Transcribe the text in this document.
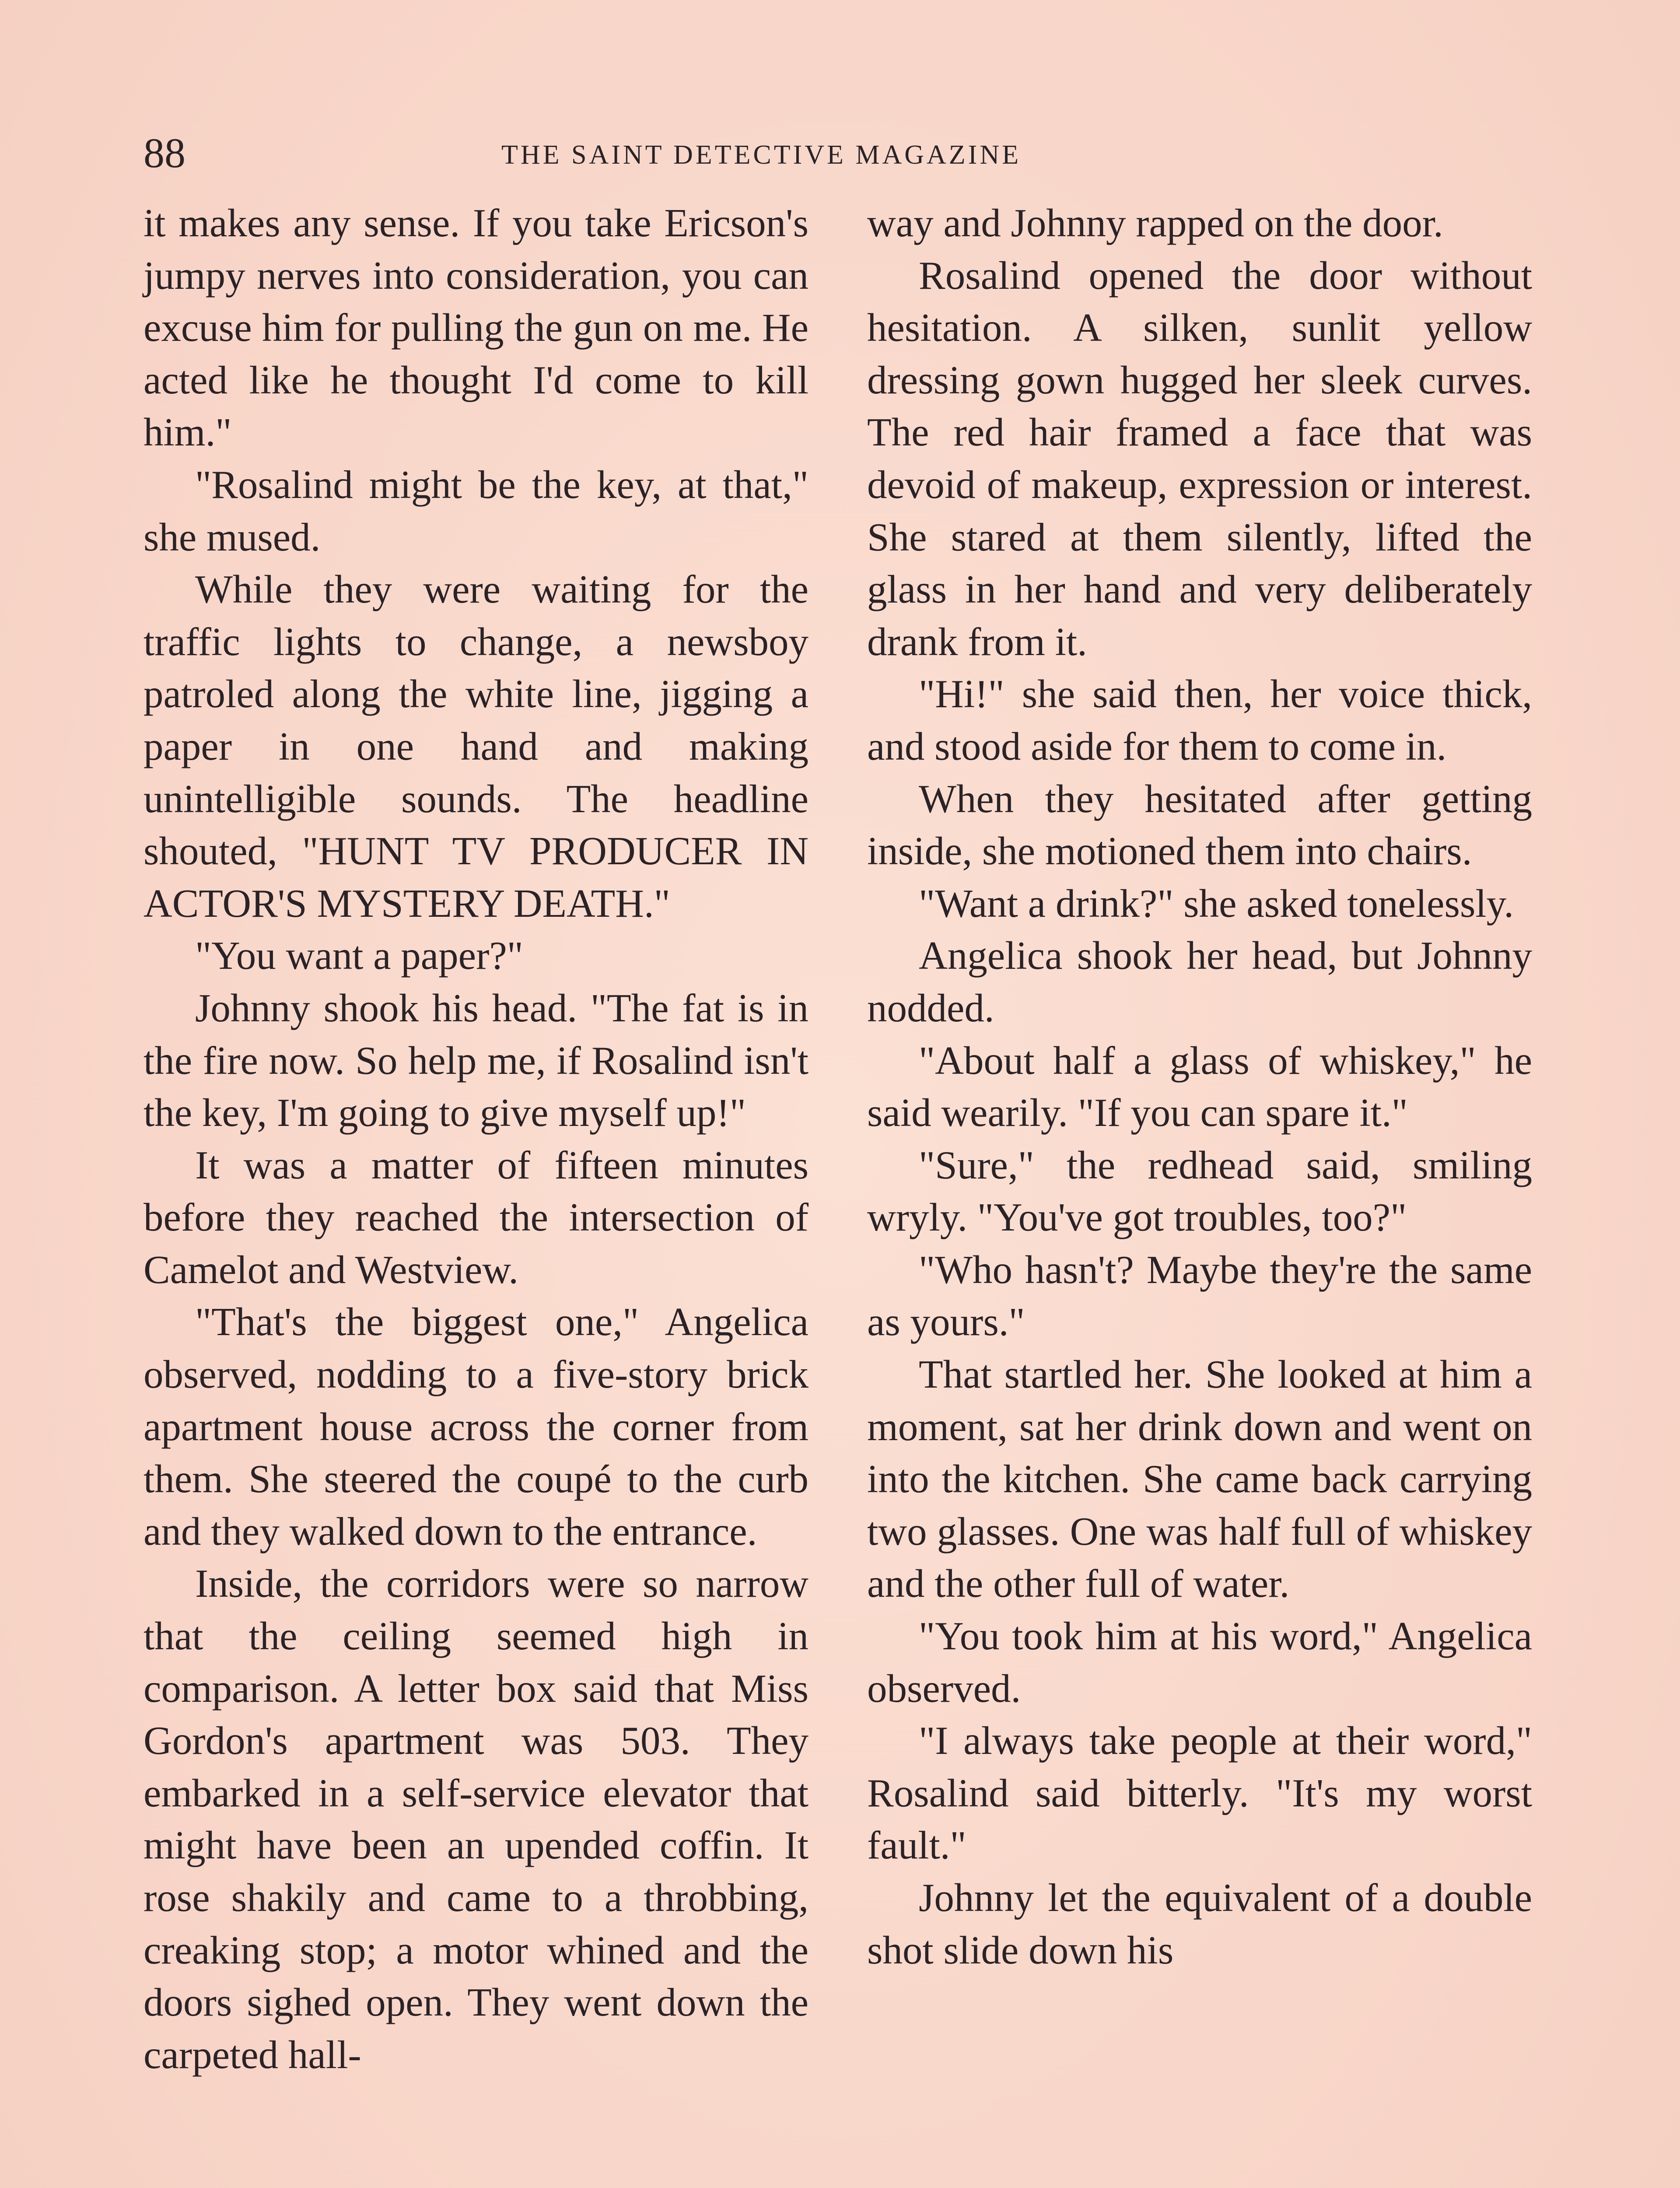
88	THE SAINT DETECTIVE MAGAZINE

it makes any sense. If you take Ericson's jumpy nerves into consideration, you can excuse him for pulling the gun on me. He acted like he thought I'd come to kill him."

"Rosalind might be the key, at that," she mused.

While they were waiting for the traffic lights to change, a newsboy patroled along the white line, jigging a paper in one hand and making unintelligible sounds. The headline shouted, "HUNT TV PRODUCER IN ACTOR'S MYSTERY DEATH."

"You want a paper?"

Johnny shook his head. "The fat is in the fire now. So help me, if Rosalind isn't the key, I'm going to give myself up!"

It was a matter of fifteen minutes before they reached the intersection of Camelot and Westview.

"That's the biggest one," Angelica observed, nodding to a five-story brick apartment house across the corner from them. She steered the coupé to the curb and they walked down to the entrance.

Inside, the corridors were so narrow that the ceiling seemed high in comparison. A letter box said that Miss Gordon's apartment was 503. They embarked in a self-service elevator that might have been an upended coffin. It rose shakily and came to a throbbing, creaking stop; a motor whined and the doors sighed open. They went down the carpeted hall-

way and Johnny rapped on the door.

Rosalind opened the door without hesitation. A silken, sunlit yellow dressing gown hugged her sleek curves. The red hair framed a face that was devoid of makeup, expression or interest. She stared at them silently, lifted the glass in her hand and very deliberately drank from it.

"Hi!" she said then, her voice thick, and stood aside for them to come in.

When they hesitated after getting inside, she motioned them into chairs.

"Want a drink?" she asked tonelessly.

Angelica shook her head, but Johnny nodded.

"About half a glass of whiskey," he said wearily. "If you can spare it."

"Sure," the redhead said, smiling wryly. "You've got troubles, too?"

"Who hasn't? Maybe they're the same as yours."

That startled her. She looked at him a moment, sat her drink down and went on into the kitchen. She came back carrying two glasses. One was half full of whiskey and the other full of water.

"You took him at his word," Angelica observed.

"I always take people at their word," Rosalind said bitterly. "It's my worst fault."

Johnny let the equivalent of a double shot slide down his
